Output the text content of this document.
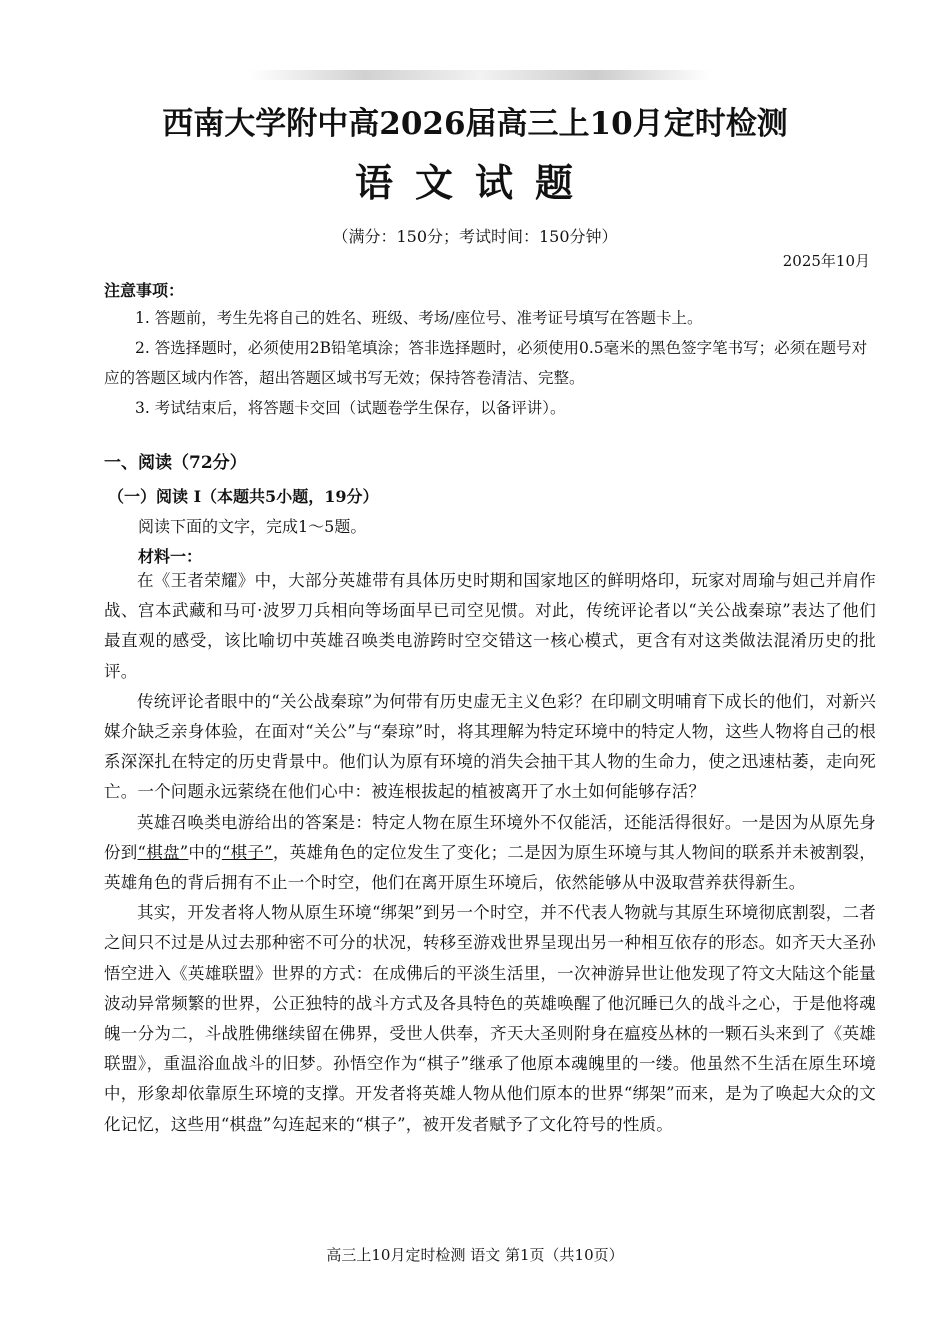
西南大学附中高2026届高三上10月定时检测
语文试题
（满分：150分；考试时间：150分钟）
2025年10月
注意事项：
1. 答题前，考生先将自己的姓名、班级、考场/座位号、准考证号填写在答题卡上。
2. 答选择题时，必须使用2B铅笔填涂；答非选择题时，必须使用0.5毫米的黑色签字笔书写；必须在题号对应的答题区域内作答，超出答题区域书写无效；保持答卷清洁、完整。
3. 考试结束后，将答题卡交回（试题卷学生保存，以备评讲）。
一、阅读（72分）
（一）阅读 I（本题共5小题，19分）
阅读下面的文字，完成1～5题。
材料一：

在《王者荣耀》中，大部分英雄带有具体历史时期和国家地区的鲜明烙印，玩家对周瑜与妲己并肩作战、宫本武藏和马可·波罗刀兵相向等场面早已司空见惯。对此，传统评论者以“关公战秦琼”表达了他们最直观的感受，该比喻切中英雄召唤类电游跨时空交错这一核心模式，更含有对这类做法混淆历史的批评。

传统评论者眼中的“关公战秦琼”为何带有历史虚无主义色彩？在印刷文明哺育下成长的他们，对新兴媒介缺乏亲身体验，在面对“关公”与“秦琼”时，将其理解为特定环境中的特定人物，这些人物将自己的根系深深扎在特定的历史背景中。他们认为原有环境的消失会抽干其人物的生命力，使之迅速枯萎，走向死亡。一个问题永远萦绕在他们心中：被连根拔起的植被离开了水土如何能够存活？

英雄召唤类电游给出的答案是：特定人物在原生环境外不仅能活，还能活得很好。一是因为从原先身份到“棋盘”中的“棋子”，英雄角色的定位发生了变化；二是因为原生环境与其人物间的联系并未被割裂，英雄角色的背后拥有不止一个时空，他们在离开原生环境后，依然能够从中汲取营养获得新生。

其实，开发者将人物从原生环境“绑架”到另一个时空，并不代表人物就与其原生环境彻底割裂，二者之间只不过是从过去那种密不可分的状况，转移至游戏世界呈现出另一种相互依存的形态。如齐天大圣孙悟空进入《英雄联盟》世界的方式：在成佛后的平淡生活里，一次神游异世让他发现了符文大陆这个能量波动异常频繁的世界，公正独特的战斗方式及各具特色的英雄唤醒了他沉睡已久的战斗之心，于是他将魂魄一分为二，斗战胜佛继续留在佛界，受世人供奉，齐天大圣则附身在瘟疫丛林的一颗石头来到了《英雄联盟》，重温浴血战斗的旧梦。孙悟空作为“棋子”继承了他原本魂魄里的一缕。他虽然不生活在原生环境中，形象却依靠原生环境的支撑。开发者将英雄人物从他们原本的世界“绑架”而来，是为了唤起大众的文化记忆，这些用“棋盘”勾连起来的“棋子”，被开发者赋予了文化符号的性质。

高三上10月定时检测 语文 第1页（共10页）
